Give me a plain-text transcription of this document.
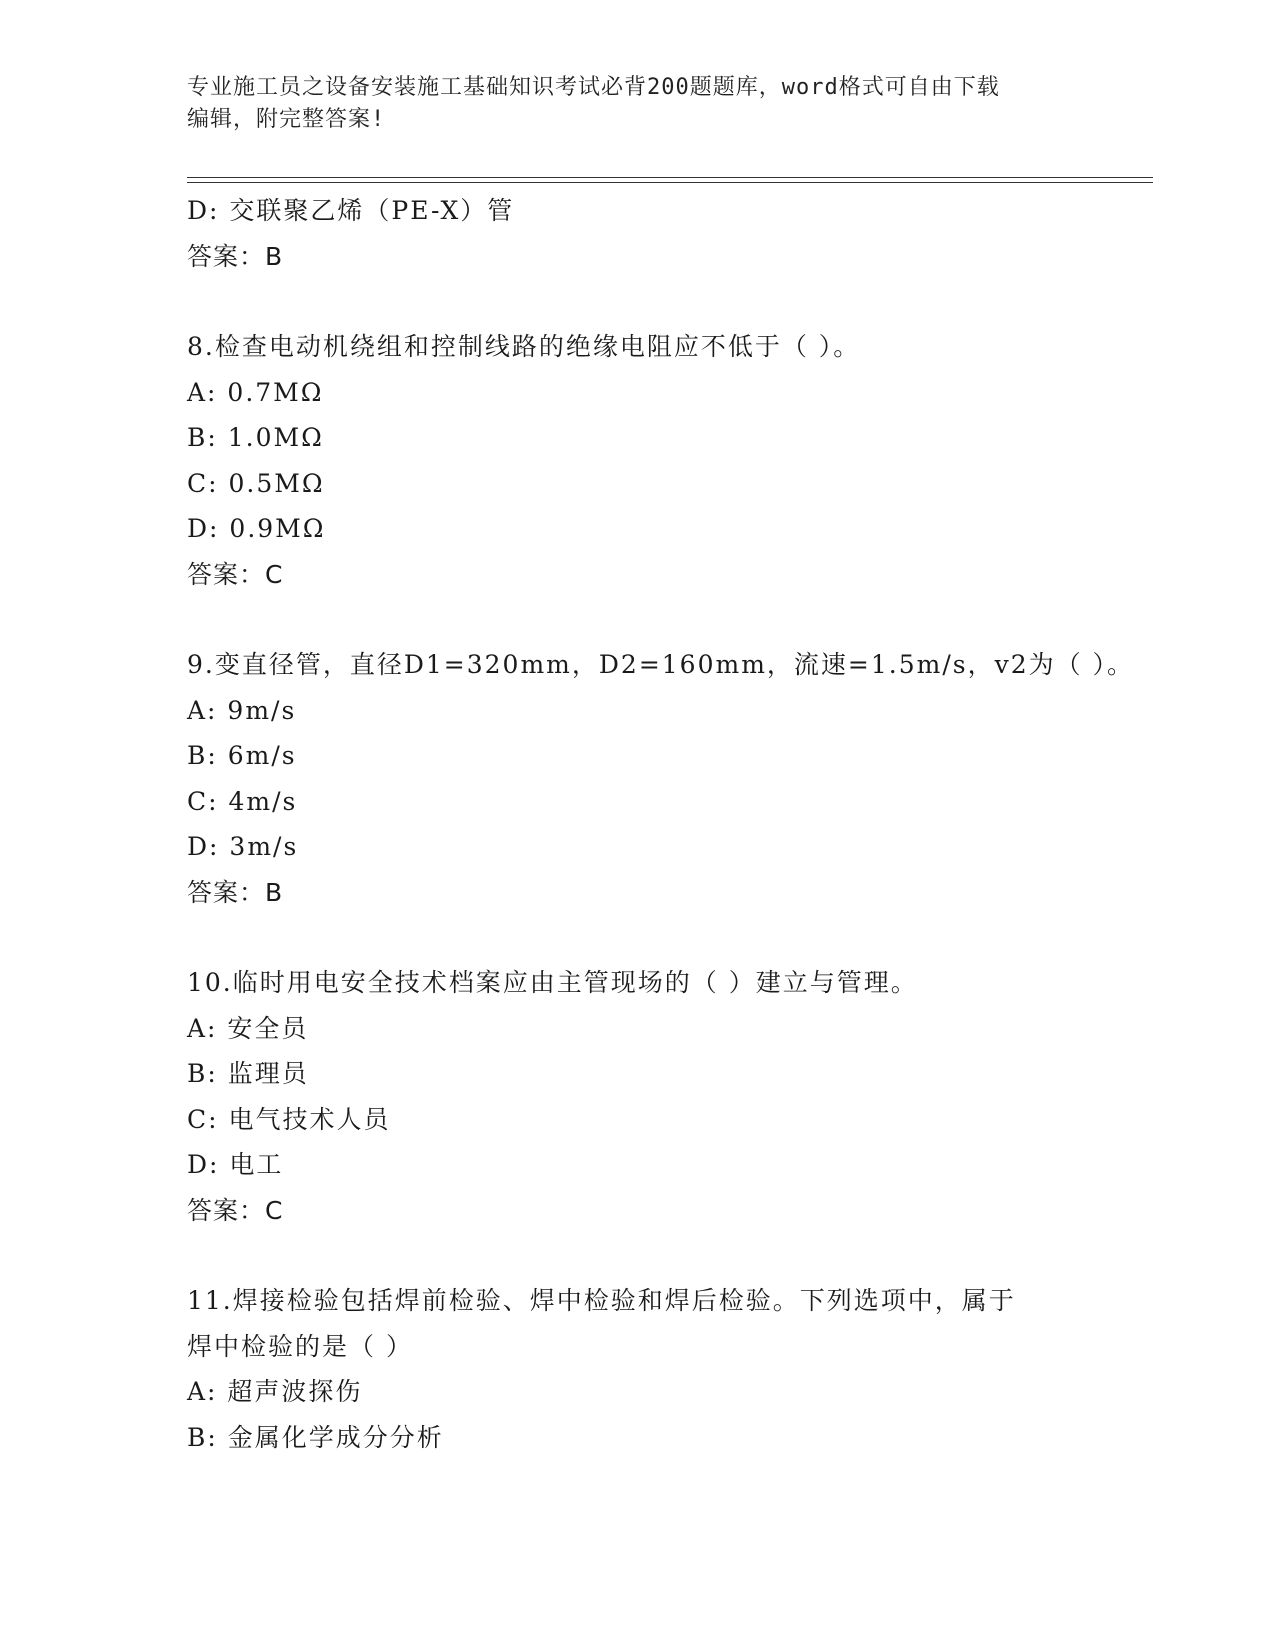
专业施工员之设备安装施工基础知识考试必背200题题库，word格式可自由下载
编辑，附完整答案!
D: 交联聚乙烯（PE-X）管
答案：B
8.检查电动机绕组和控制线路的绝缘电阻应不低于（ ）。
A: 0.7MΩ
B: 1.0MΩ
C: 0.5MΩ
D: 0.9MΩ
答案：C
9.变直径管，直径D1=320mm，D2=160mm，流速=1.5m/s，v2为（ ）。
A: 9m/s
B: 6m/s
C: 4m/s
D: 3m/s
答案：B
10.临时用电安全技术档案应由主管现场的（ ）建立与管理。
A: 安全员
B: 监理员
C: 电气技术人员
D: 电工
答案：C
11.焊接检验包括焊前检验、焊中检验和焊后检验。下列选项中，属于
焊中检验的是（ ）
A: 超声波探伤
B: 金属化学成分分析
